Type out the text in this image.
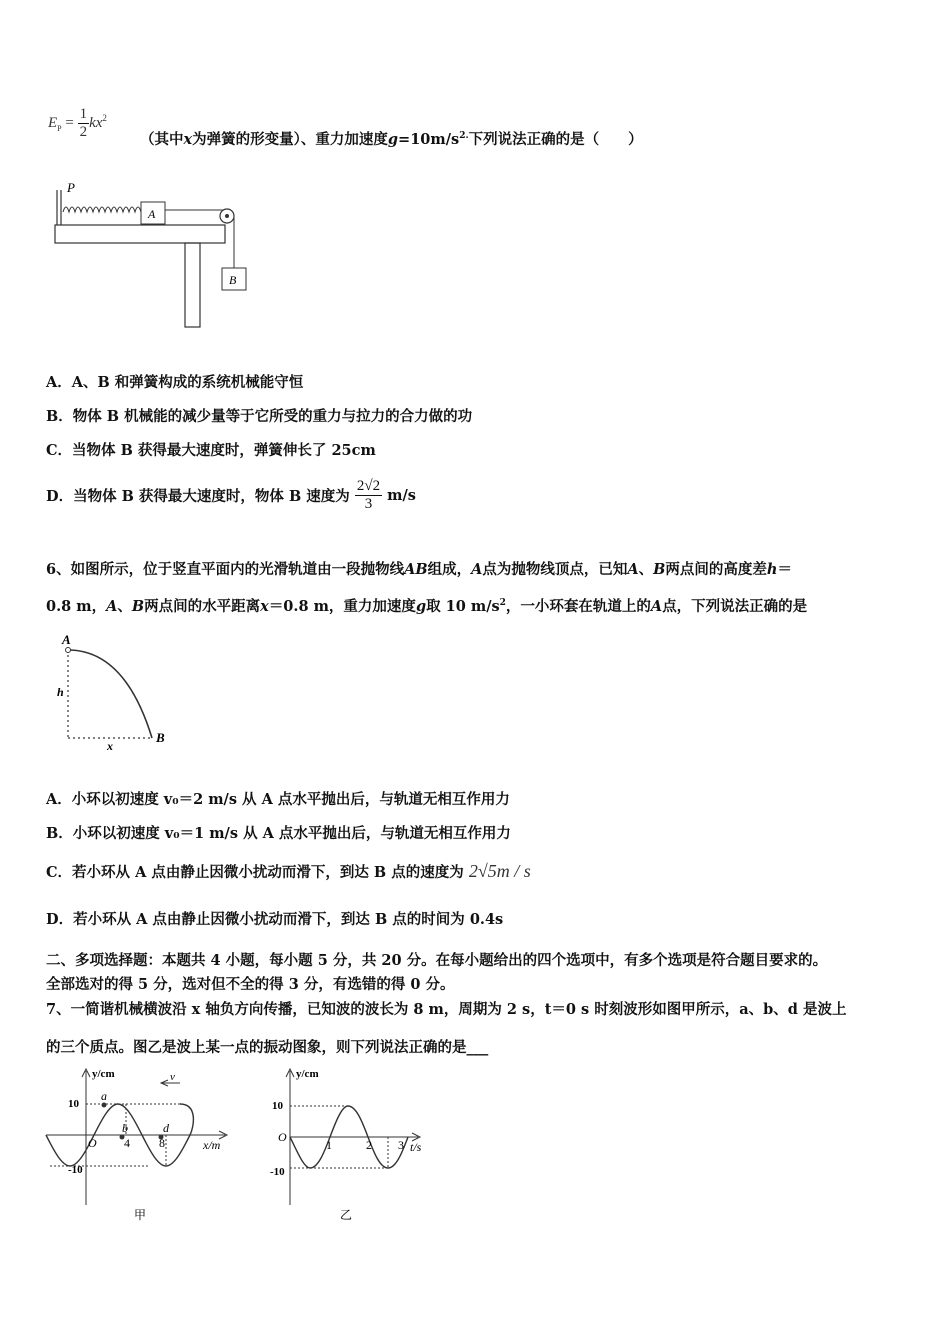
$E_P = \frac{1}{2} kx^2$
（其中x为弹簧的形变量）、重力加速度$g=10m/s^{2.}$下列说法正确的是（　　）
P
A
B
A．A、B 和弹簧构成的系统机械能守恒
B．物体 B 机械能的减少量等于它所受的重力与拉力的合力做的功
C．当物体 B 获得最大速度时，弹簧伸长了 25cm
D．当物体 B 获得最大速度时，物体 B 速度为 $\frac{2√2}{3} m/s$
6、如图所示，位于竖直平面内的光滑轨道由一段抛物线AB组成，A点为抛物线顶点，已知A、B两点间的高度差h＝
0.8 m，A、B两点间的水平距离x＝0.8 m，重力加速度g取 10 $m/s^2$，一小环套在轨道上的A点，下列说法正确的是
A
h
x
B
A．小环以初速度 v₀＝2 m/s 从 A 点水平抛出后，与轨道无相互作用力
B．小环以初速度 v₀＝1 m/s 从 A 点水平抛出后，与轨道无相互作用力
C．若小环从 A 点由静止因微小扰动而滑下，到达 B 点的速度为 2√5m / s
D．若小环从 A 点由静止因微小扰动而滑下，到达 B 点的时间为 0.4s
二、多项选择题：本题共 4 小题，每小题 5 分，共 20 分。在每小题给出的四个选项中，有多个选项是符合题目要求的。
全部选对的得 5 分，选对但不全的得 3 分，有选错的得 0 分。
7、一简谐机械横波沿 x 轴负方向传播，已知波的波长为 8 m，周期为 2 s，t＝0 s 时刻波形如图甲所示，a、b、d 是波上
的三个质点。图乙是波上某一点的振动图象，则下列说法正确的是___
y/cm	v
10
-10
a
b	d
O 4 8	x/m
甲
y/cm
10
-10
O
1	2 3 t/s
乙
